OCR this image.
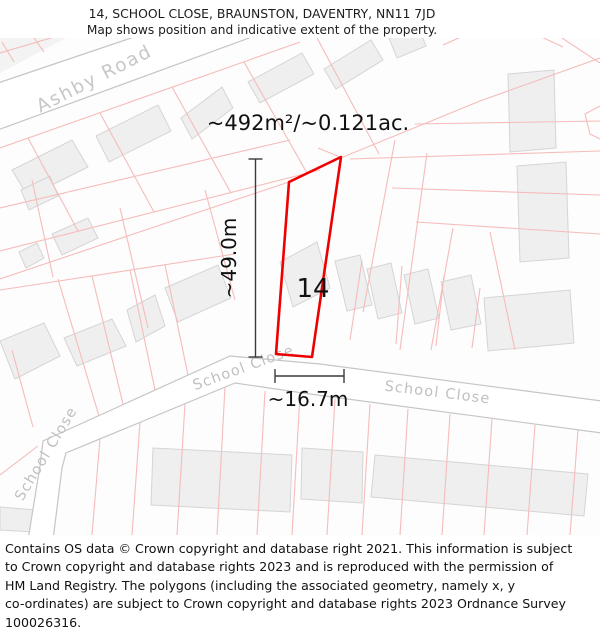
14, SCHOOL CLOSE, BRAUNSTON, DAVENTRY, NN11 7JD
Map shows position and indicative extent of the property.
Ashby Road
School Close
School Close	School Close
~49.0m
~16.7m
~492m²/~0.121ac.
14
Contains OS data © Crown copyright and database right 2021. This information is subject
to Crown copyright and database rights 2023 and is reproduced with the permission of
HM Land Registry. The polygons (including the associated geometry, namely x, y
co-ordinates) are subject to Crown copyright and database rights 2023 Ordnance Survey
100026316.
